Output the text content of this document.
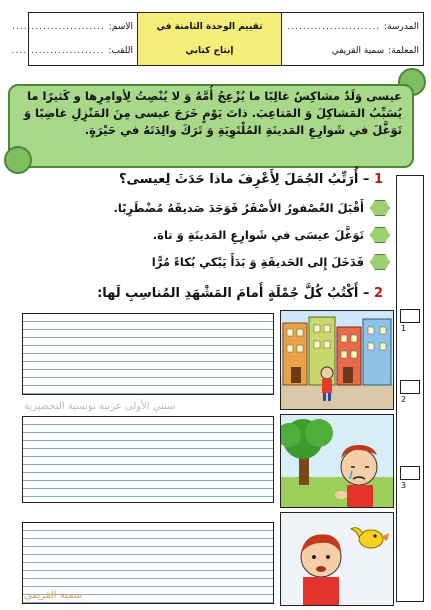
الاسم:
........................
اللقب:
........................
تقييم الوحدة الثامنة في
إنتاج كتابي
المدرسة:
........................
المعلمة:
سمية القريفي
عيسى وَلَدٌ مشاكِسٌ غالِبًا ما يُزْعِجُ أُمَّهُ وَ لا يُنْصِتُ لِأوامِرِها و كَثيرًا ما يُسَبِّبُ المَشاكِلَ وَ المَتاعِبَ. ذاتَ يَوْمٍ خَرَجَ عيسى مِنَ المَنْزِلِ غاضِبًا وَ تَوَغَّلَ في شَوارِعِ المَدينَةِ المُلْتَوِيَةِ وَ تَرَكَ والِدَتَهُ في حَيْرَةٍ.
1
2
3
1 – أُرَتِّبُ الجُمَلَ لِأَعْرِفَ ماذا حَدَثَ لِعيسى؟
أَقْبَلَ العُصْفورُ الأَصْفَرُ فَوَجَدَ صَديقَهُ مُضْطَرِبًا.
تَوَغَّلَ عيسَى في شَوارِعِ المَدينَةِ وَ تاهَ.
فَدَخَلَ إِلى الحَديقَةِ وَ بَدَأَ يَبْكي بُكاءً مُرًّا
2 – أَكْتُبُ كُلَّ جُمْلَةٍ أَمامَ المَشْهَدِ المُناسِبِ لَها:
سنتي الأولى عربية تونسية التحضيرية
سمية القريفي
